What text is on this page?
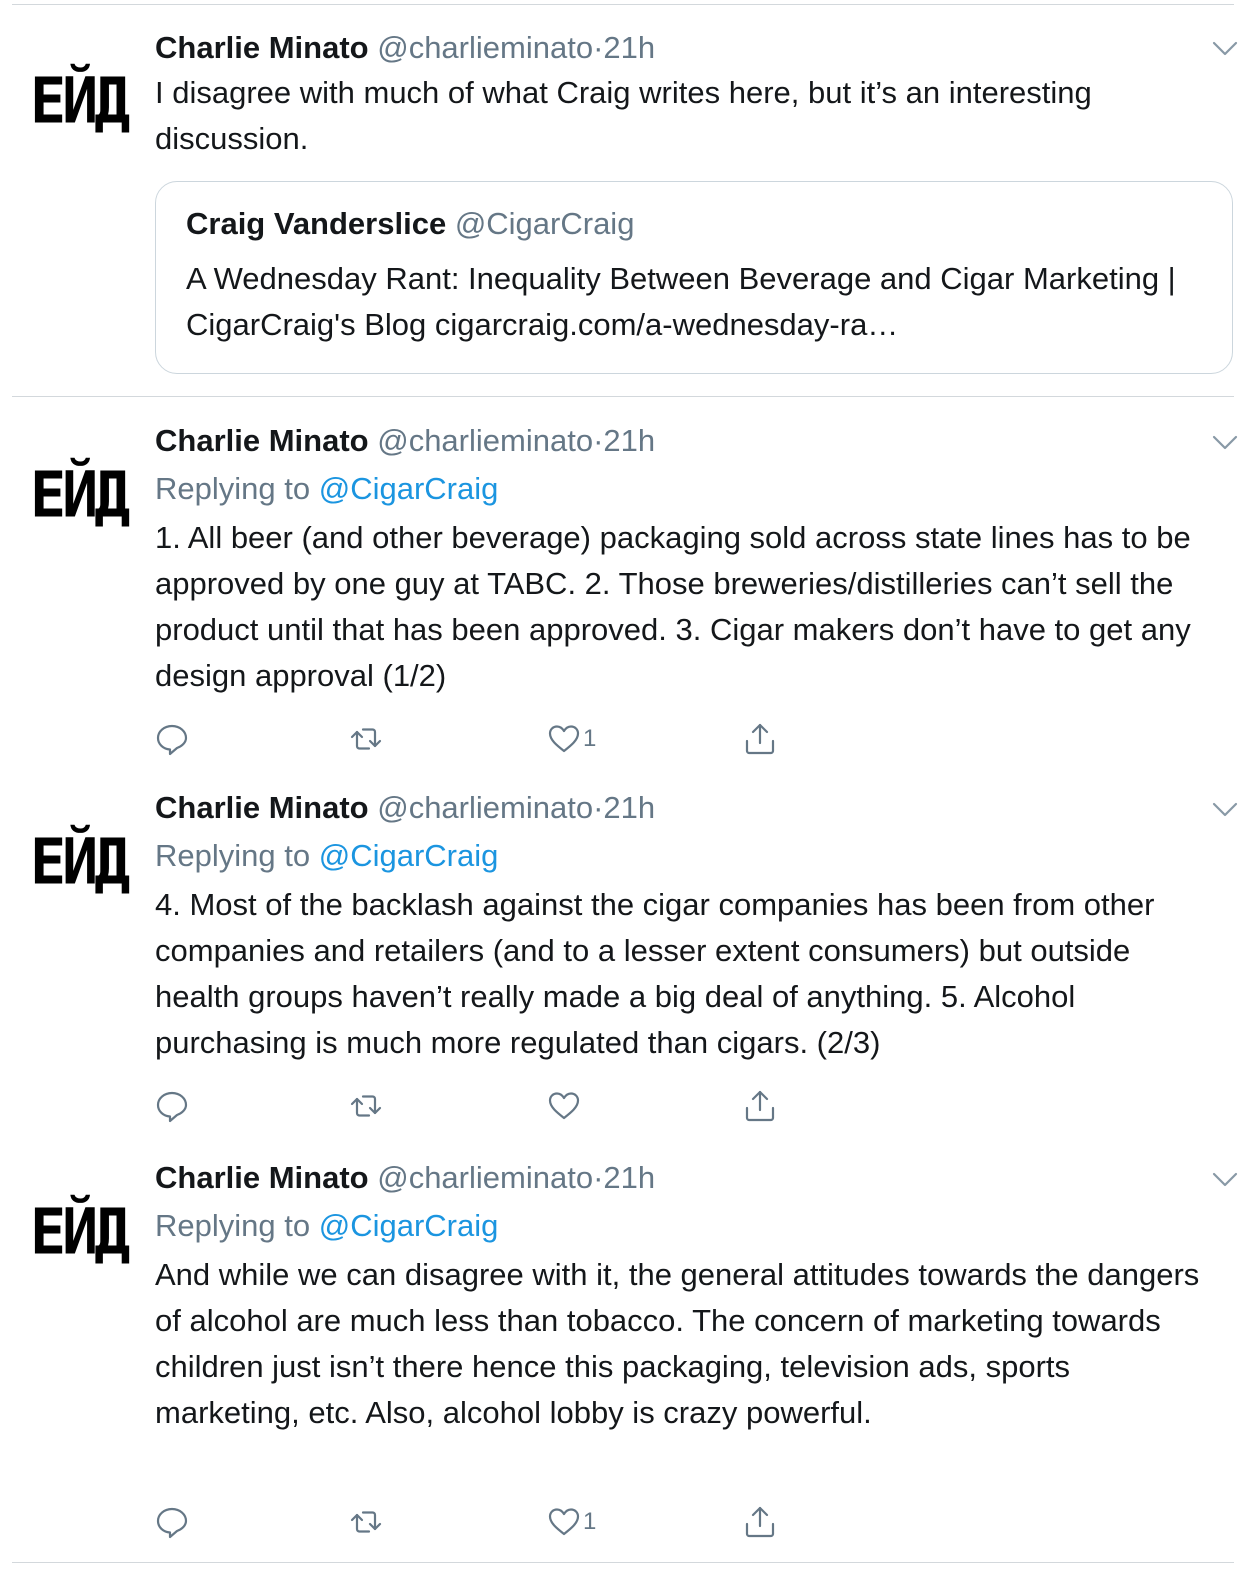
ЕЙД
Charlie Minato @charlieminato·21h
I disagree with much of what Craig writes here, but it’s an interesting discussion.
Craig Vanderslice @CigarCraig
A Wednesday Rant: Inequality Between Beverage and Cigar Marketing | CigarCraig's Blog cigarcraig.com/a-wednesday-ra…
ЕЙД
Charlie Minato @charlieminato·21h
Replying to @CigarCraig
1. All beer (and other beverage) packaging sold across state lines has to be approved by one guy at TABC. 2. Those breweries/distilleries can’t sell the product until that has been approved. 3. Cigar makers don’t have to get any design approval (1/2)
1
ЕЙД
Charlie Minato @charlieminato·21h
Replying to @CigarCraig
4. Most of the backlash against the cigar companies has been from other companies and retailers (and to a lesser extent consumers) but outside health groups haven’t really made a big deal of anything. 5. Alcohol purchasing is much more regulated than cigars. (2/3)
ЕЙД
Charlie Minato @charlieminato·21h
Replying to @CigarCraig
And while we can disagree with it, the general attitudes towards the dangers of alcohol are much less than tobacco. The concern of marketing towards children just isn’t there hence this packaging, television ads, sports marketing, etc. Also, alcohol lobby is crazy powerful.
1
